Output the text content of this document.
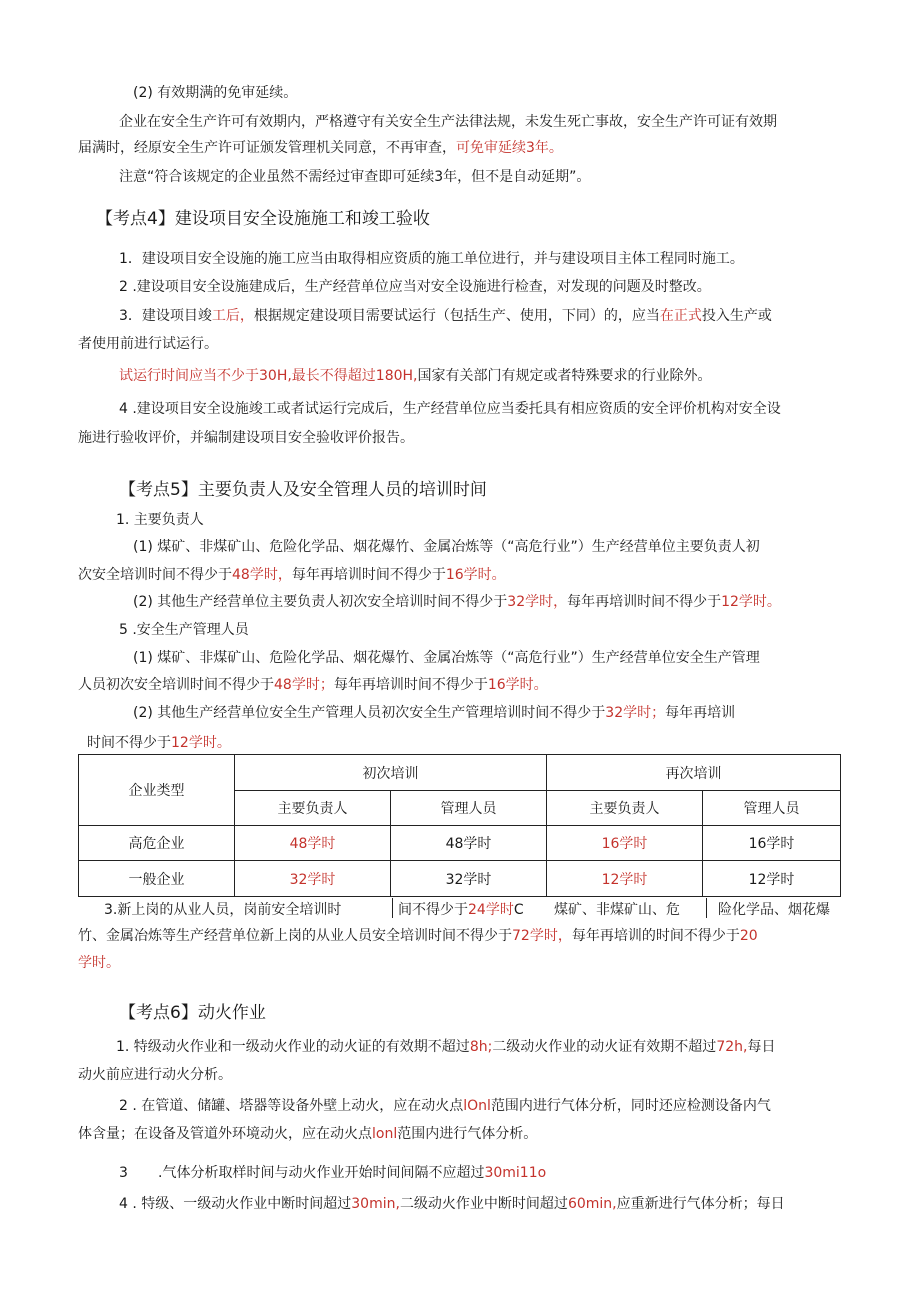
(2) 有效期满的免审延续。
企业在安全生产许可有效期内，严格遵守有关安全生产法律法规，未发生死亡事故，安全生产许可证有效期
届满时，经原安全生产许可证颁发管理机关同意，不再审查，可免审延续3年。
注意“符合该规定的企业虽然不需经过审查即可延续3年，但不是自动延期”。
【考点4】建设项目安全设施施工和竣工验收
1．建设项目安全设施的施工应当由取得相应资质的施工单位进行，并与建设项目主体工程同时施工。
2 .建设项目安全设施建成后，生产经营单位应当对安全设施进行检查，对发现的问题及时整改。
3．建设项目竣工后，根据规定建设项目需要试运行（包括生产、使用，下同）的，应当在正式投入生产或
者使用前进行试运行。
试运行时间应当不少于30H,最长不得超过180H,国家有关部门有规定或者特殊要求的行业除外。
4 .建设项目安全设施竣工或者试运行完成后，生产经营单位应当委托具有相应资质的安全评价机构对安全设
施进行验收评价，并编制建设项目安全验收评价报告。
【考点5】主要负责人及安全管理人员的培训时间
1. 主要负责人
(1) 煤矿、非煤矿山、危险化学品、烟花爆竹、金属冶炼等（“高危行业”）生产经营单位主要负责人初
次安全培训时间不得少于48学时，每年再培训时间不得少于16学时。
(2) 其他生产经营单位主要负责人初次安全培训时间不得少于32学时，每年再培训时间不得少于12学时。
5 .安全生产管理人员
(1) 煤矿、非煤矿山、危险化学品、烟花爆竹、金属冶炼等（“高危行业”）生产经营单位安全生产管理
人员初次安全培训时间不得少于48学时；每年再培训时间不得少于16学时。
(2) 其他生产经营单位安全生产管理人员初次安全生产管理培训时间不得少于32学时；每年再培训
时间不得少于12学时。
企业类型	初次培训		再次培训	
	主要负责人	管理人员	主要负责人	管理人员
高危企业	48学时	48学时	16学时	16学时
一般企业	32学时	32学时	12学时	12学时
3.新上岗的从业人员，岗前安全培训时	间不得少于24学时C 煤矿、非煤矿山、危	险化学品、烟花爆
竹、金属冶炼等生产经营单位新上岗的从业人员安全培训时间不得少于72学时，每年再培训的时间不得少于20
学时。
【考点6】动火作业
1. 特级动火作业和一级动火作业的动火证的有效期不超过8h;二级动火作业的动火证有效期不超过72h,每日
动火前应进行动火分析。
2 . 在管道、储罐、塔器等设备外壁上动火，应在动火点lOnl范围内进行气体分析，同时还应检测设备内气
体含量；在设备及管道外环境动火，应在动火点lonl范围内进行气体分析。
3 .气体分析取样时间与动火作业开始时间间隔不应超过30mi11o
4 . 特级、一级动火作业中断时间超过30min,二级动火作业中断时间超过60min,应重新进行气体分析；每日
